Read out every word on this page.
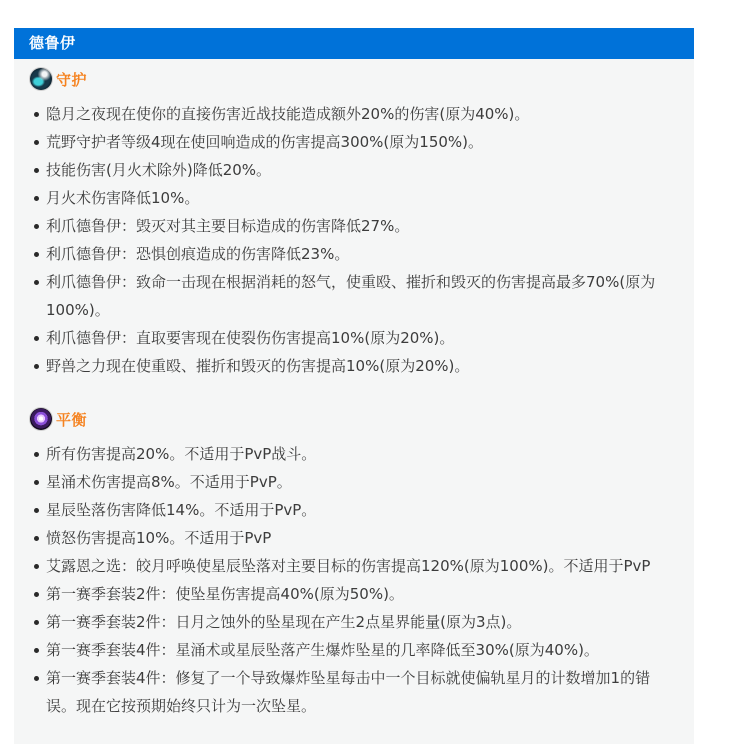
德鲁伊
守护
隐月之夜现在使你的直接伤害近战技能造成额外20%的伤害(原为40%)。
荒野守护者等级4现在使回响造成的伤害提高300%(原为150%)。
技能伤害(月火术除外)降低20%。
月火术伤害降低10%。
利爪德鲁伊：毁灭对其主要目标造成的伤害降低27%。
利爪德鲁伊：恐惧创痕造成的伤害降低23%。
利爪德鲁伊：致命一击现在根据消耗的怒气，使重殴、摧折和毁灭的伤害提高最多70%(原为100%)。
利爪德鲁伊：直取要害现在使裂伤伤害提高10%(原为20%)。
野兽之力现在使重殴、摧折和毁灭的伤害提高10%(原为20%)。
平衡
所有伤害提高20%。不适用于PvP战斗。
星涌术伤害提高8%。不适用于PvP。
星辰坠落伤害降低14%。不适用于PvP。
愤怒伤害提高10%。不适用于PvP
艾露恩之选：皎月呼唤使星辰坠落对主要目标的伤害提高120%(原为100%)。不适用于PvP
第一赛季套装2件：使坠星伤害提高40%(原为50%)。
第一赛季套装2件：日月之蚀外的坠星现在产生2点星界能量(原为3点)。
第一赛季套装4件：星涌术或星辰坠落产生爆炸坠星的几率降低至30%(原为40%)。
第一赛季套装4件：修复了一个导致爆炸坠星每击中一个目标就使偏轨星月的计数增加1的错误。现在它按预期始终只计为一次坠星。
